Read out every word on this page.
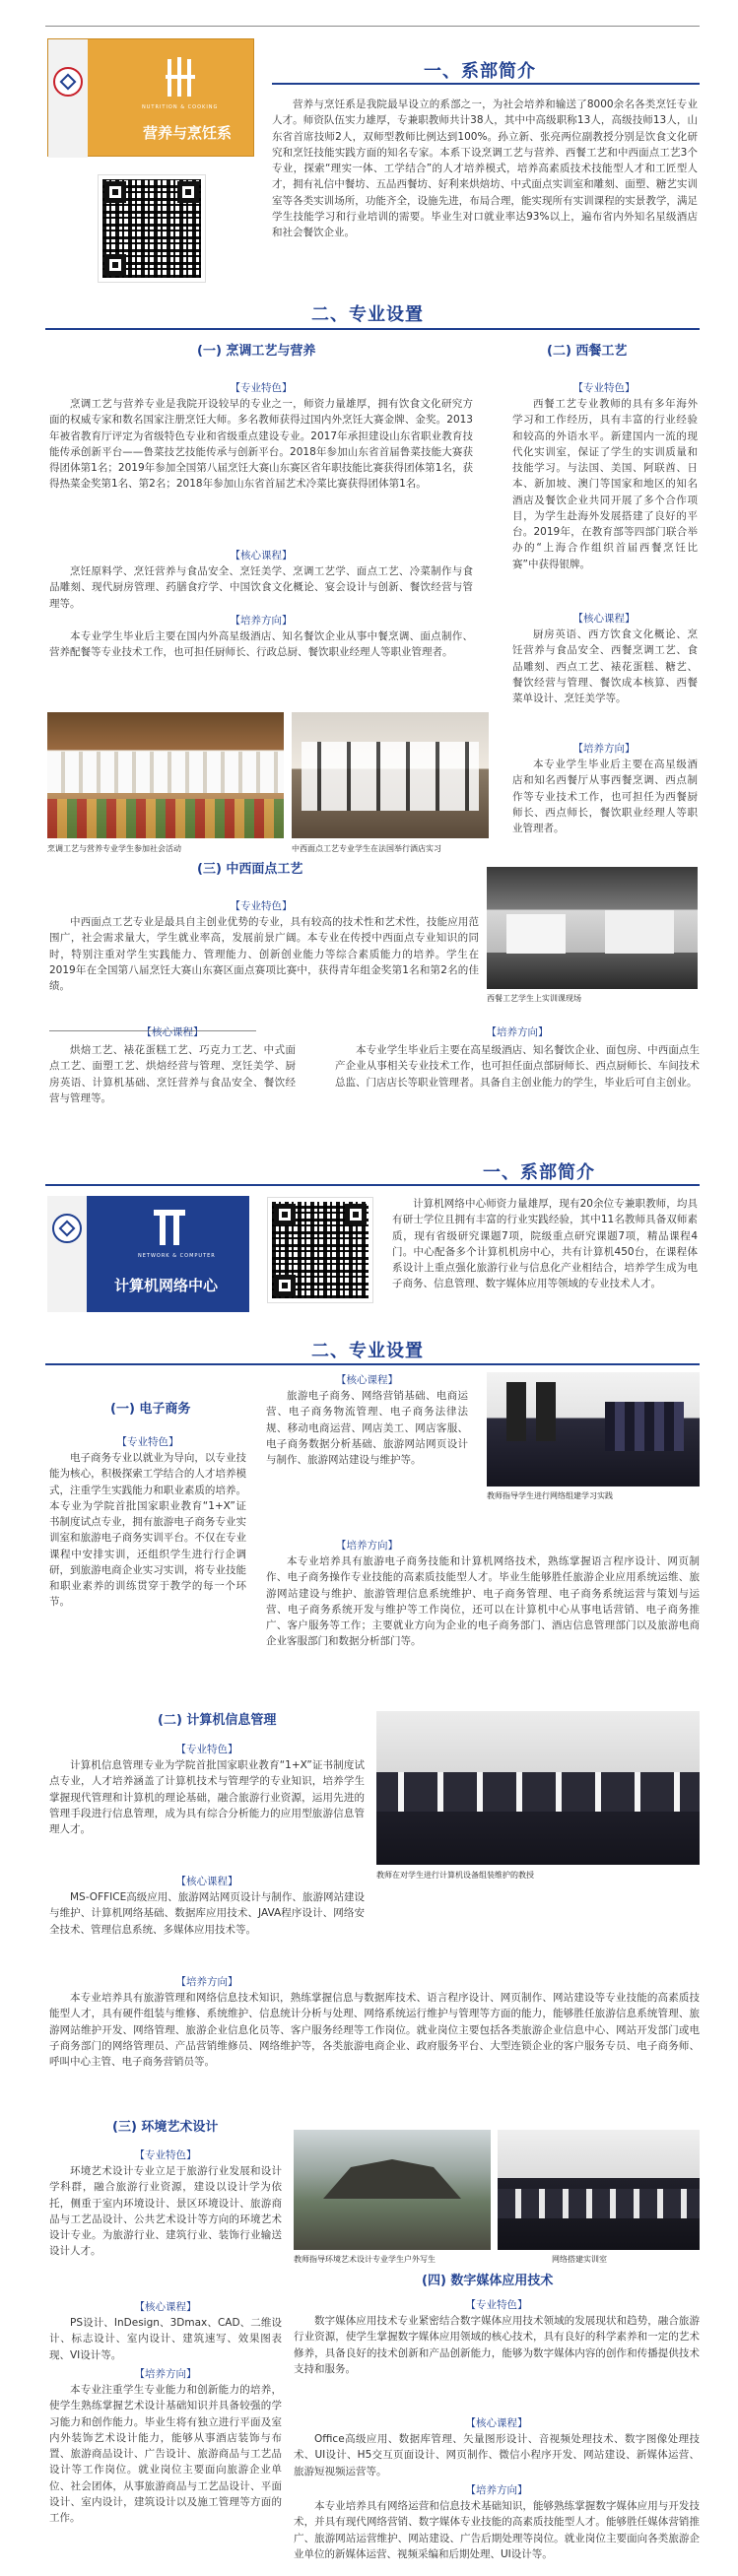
NUTRITION & COOKING
营养与烹饪系
一、系部简介

营养与烹饪系是我院最早设立的系部之一，为社会培养和输送了8000余名各类烹饪专业人才。师资队伍实力雄厚，专兼职教师共计38人，其中中高级职称13人，高级技师13人，山东省首席技师2人，双师型教师比例达到100%。孙立新、张亮两位副教授分别是饮食文化研究和烹饪技能实践方面的知名专家。本系下设烹调工艺与营养、西餐工艺和中西面点工艺3个专业，探索“理实一体、工学结合”的人才培养模式，培养高素质技术技能型人才和工匠型人才，拥有礼信中餐坊、五品西餐坊、好利来烘焙坊、中式面点实训室和雕刻、面塑、糖艺实训室等各类实训场所，功能齐全，设施先进，布局合理，能实现所有实训课程的实景教学，满足学生技能学习和行业培训的需要。毕业生对口就业率达93%以上，遍布省内外知名星级酒店和社会餐饮企业。

二、专业设置
(一) 烹调工艺与营养
【专业特色】

烹调工艺与营养专业是我院开设较早的专业之一，师资力量雄厚，拥有饮食文化研究方面的权威专家和数名国家注册烹饪大师。多名教师获得过国内外烹饪大赛金牌、金奖。2013年被省教育厅评定为省级特色专业和省级重点建设专业。2017年承担建设山东省职业教育技能传承创新平台——鲁菜技艺技能传承与创新平台。2018年参加山东省首届鲁菜技能大赛获得团体第1名；2019年参加全国第八届烹饪大赛山东赛区省年职技能比赛获得团体第1名，获得热菜金奖第1名、第2名；2018年参加山东省首届艺术冷菜比赛获得团体第1名。

【核心课程】

烹饪原料学、烹饪营养与食品安全、烹饪美学、烹调工艺学、面点工艺、冷菜制作与食品雕刻、现代厨房管理、药膳食疗学、中国饮食文化概论、宴会设计与创新、餐饮经营与管理等。

【培养方向】

本专业学生毕业后主要在国内外高星级酒店、知名餐饮企业从事中餐烹调、面点制作、营养配餐等专业技术工作，也可担任厨师长、行政总厨、餐饮职业经理人等职业管理者。

(二) 西餐工艺
【专业特色】

西餐工艺专业教师的具有多年海外学习和工作经历，具有丰富的行业经验和较高的外语水平。新建国内一流的现代化实训室，保证了学生的实训质量和技能学习。与法国、美国、阿联酋、日本、新加坡、澳门等国家和地区的知名酒店及餐饮企业共同开展了多个合作项目，为学生赴海外发展搭建了良好的平台。2019年，在教育部等四部门联合举办的“上海合作组织首届西餐烹饪比赛”中获得银牌。

【核心课程】

厨房英语、西方饮食文化概论、烹饪营养与食品安全、西餐烹调工艺、食品雕刻、西点工艺、裱花蛋糕、糖艺、餐饮经营与管理、餐饮成本核算、西餐菜单设计、烹饪美学等。

【培养方向】

本专业学生毕业后主要在高星级酒店和知名西餐厅从事西餐烹调、西点制作等专业技术工作，也可担任为西餐厨师长、西点师长，餐饮职业经理人等职业管理者。

烹调工艺与营养专业学生参加社会活动	中西面点工艺专业学生在法国举行酒店实习
(三) 中西面点工艺
【专业特色】

中西面点工艺专业是最具自主创业优势的专业，具有较高的技术性和艺术性，技能应用范围广，社会需求量大，学生就业率高，发展前景广阔。本专业在传授中西面点专业知识的同时，特别注重对学生实践能力、管理能力、创新创业能力等综合素质能力的培养。学生在2019年在全国第八届烹饪大赛山东赛区面点赛项比赛中，获得青年组金奖第1名和第2名的佳绩。

西餐工艺学生上实训课现场
【核心课程】

烘焙工艺、裱花蛋糕工艺、巧克力工艺、中式面点工艺、面塑工艺、烘焙经营与管理、烹饪美学、厨房英语、计算机基础、烹饪营养与食品安全、餐饮经营与管理等。

【培养方向】

本专业学生毕业后主要在高星级酒店、知名餐饮企业、面包房、中西面点生产企业从事相关专业技术工作，也可担任面点部厨师长、西点厨师长、车间技术总监、门店店长等职业管理者。具备自主创业能力的学生，毕业后可自主创业。

一、系部简介
NETWORK & COMPUTER
计算机网络中心

计算机网络中心师资力量雄厚，现有20余位专兼职教师，均具有研士学位且拥有丰富的行业实践经验，其中11名教师具备双师素质，现有省级研究课题7项，院级重点研究课题7项，精品课程4门。中心配备多个计算机机房中心，共有计算机450台，在课程体系设计上重点强化旅游行业与信息化产业相结合，培养学生成为电子商务、信息管理、数字媒体应用等领域的专业技术人才。

二、专业设置
(一) 电子商务
【专业特色】

电子商务专业以就业为导向，以专业技能为核心，积极探索工学结合的人才培养模式，注重学生实践能力和职业素质的培养。本专业为学院首批国家职业教育“1+X”证书制度试点专业，拥有旅游电子商务专业实训室和旅游电子商务实训平台。不仅在专业课程中安排实训，还组织学生进行行企调研，到旅游电商企业实习实训，将专业技能和职业素养的训练贯穿于教学的每一个环节。

【核心课程】

旅游电子商务、网络营销基础、电商运营、电子商务物流管理、电子商务法律法规、移动电商运营、网店美工、网店客服、电子商务数据分析基础、旅游网站网页设计与制作、旅游网站建设与维护等。

【培养方向】

本专业培养具有旅游电子商务技能和计算机网络技术，熟练掌握语言程序设计、网页制作、电子商务操作专业技能的高素质技能型人才。毕业生能够胜任旅游企业应用系统运维、旅游网站建设与维护、旅游管理信息系统维护、电子商务管理、电子商务系统运营与策划与运营、电子商务系统开发与维护等工作岗位，还可以在计算机中心从事电话营销、电子商务推广、客户服务等工作；主要就业方向为企业的电子商务部门、酒店信息管理部门以及旅游电商企业客服部门和数据分析部门等。

教师指导学生进行网络组建学习实践
(二) 计算机信息管理
【专业特色】

计算机信息管理专业为学院首批国家职业教育“1+X”证书制度试点专业，人才培养涵盖了计算机技术与管理学的专业知识，培养学生掌握现代管理和计算机的理论基础，融合旅游行业资源，运用先进的管理手段进行信息管理，成为具有综合分析能力的应用型旅游信息管理人才。

【核心课程】

MS-OFFICE高级应用、旅游网站网页设计与制作、旅游网站建设与维护、计算机网络基础、数据库应用技术、JAVA程序设计、网络安全技术、管理信息系统、多媒体应用技术等。

【培养方向】

本专业培养具有旅游管理和网络信息技术知识，熟练掌握信息与数据库技术、语言程序设计、网页制作、网站建设等专业技能的高素质技能型人才，具有硬件组装与维修、系统维护、信息统计分析与处理、网络系统运行维护与管理等方面的能力，能够胜任旅游信息系统管理、旅游网站维护开发、网络管理、旅游企业信息化员等、客户服务经理等工作岗位。就业岗位主要包括各类旅游企业信息中心、网站开发部门或电子商务部门的网络管理员、产品营销维修员、网络维护等，各类旅游电商企业、政府服务平台、大型连锁企业的客户服务专员、电子商务师、呼叫中心主管、电子商务营销员等。

教师在对学生进行计算机设备组装维护的教授
(三) 环境艺术设计
【专业特色】

环境艺术设计专业立足于旅游行业发展和设计学科群，融合旅游行业资源，建设以设计学为依托，侧重于室内环境设计、景区环境设计、旅游商品与工艺品设计、公共艺术设计等方向的环境艺术设计专业。为旅游行业、建筑行业、装饰行业输送设计人才。

【核心课程】

PS设计、InDesign、3Dmax、CAD、二维设计、标志设计、室内设计、建筑速写、效果图表现、VI设计等。

【培养方向】

本专业注重学生专业能力和创新能力的培养，使学生熟练掌握艺术设计基础知识并具备较强的学习能力和创作能力。毕业生将有独立进行平面及室内外装饰艺术设计能力，能够从事酒店装饰与布置、旅游商品设计、广告设计、旅游商品与工艺品设计等工作岗位。就业岗位主要面向旅游企业单位、社会团体，从事旅游商品与工艺品设计、平面设计、室内设计，建筑设计以及施工管理等方面的工作。

教师指导环境艺术设计专业学生户外写生	网络搭建实训室
(四) 数字媒体应用技术
【专业特色】

数字媒体应用技术专业紧密结合数字媒体应用技术领域的发展现状和趋势，融合旅游行业资源，使学生掌握数字媒体应用领域的核心技术，具有良好的科学素养和一定的艺术修养，具备良好的技术创新和产品创新能力，能够为数字媒体内容的创作和传播提供技术支持和服务。

【核心课程】

Office高级应用、数据库管理、矢量图形设计、音视频处理技术、数字图像处理技术、UI设计、H5交互页面设计、网页制作、微信小程序开发、网站建设、新媒体运营、旅游短视频运营等。

【培养方向】

本专业培养具有网络运营和信息技术基础知识，能够熟练掌握数字媒体应用与开发技术，并具有现代网络营销、数字媒体专业技能的高素质技能型人才。能够胜任媒体营销推广、旅游网站运营维护、网站建设、广告后期处理等岗位。就业岗位主要面向各类旅游企业单位的新媒体运营、视频采编和后期处理、UI设计等。
